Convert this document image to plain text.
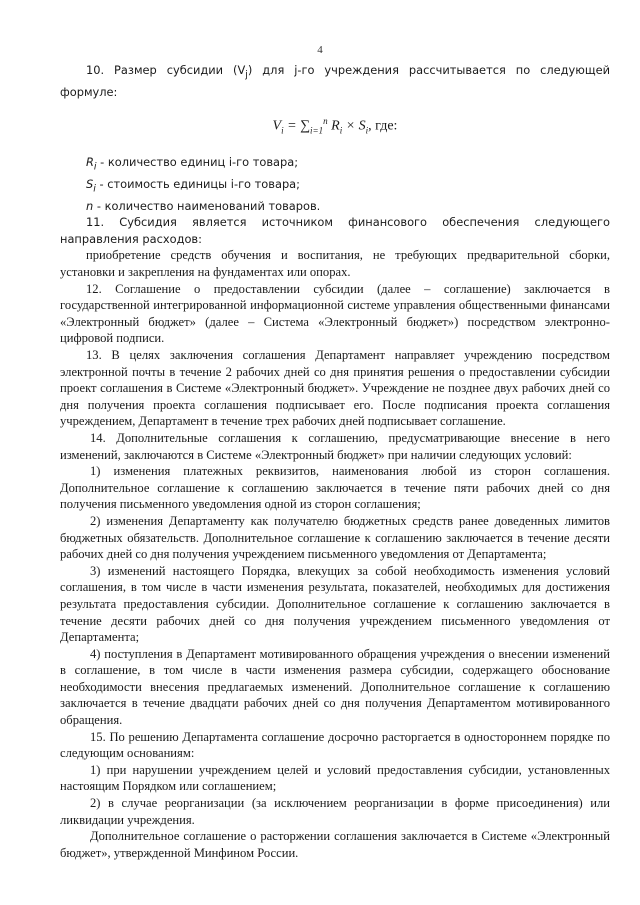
4

10. Размер субсидии $(V_j)$ для j-го учреждения рассчитывается по следующей формуле:

$V_i = \sum_{i=1}^n$ $R_i \times S_i$, где:

$R_i$ - количество единиц i-го товара;

$S_i$ - стоимость единицы i-го товара;

n - количество наименований товаров.

11. Субсидия является источником финансового обеспечения следующего направления расходов:

приобретение средств обучения и воспитания, не требующих предварительной сборки, установки и закрепления на фундаментах или опорах.

12. Соглашение о предоставлении субсидии (далее – соглашение) заключается в государственной интегрированной информационной системе управления общественными финансами «Электронный бюджет» (далее – Система «Электронный бюджет») посредством электронно-цифровой подписи.

13. В целях заключения соглашения Департамент направляет учреждению посредством электронной почты в течение 2 рабочих дней со дня принятия решения о предоставлении субсидии проект соглашения в Системе «Электронный бюджет». Учреждение не позднее двух рабочих дней со дня получения проекта соглашения подписывает его. После подписания проекта соглашения учреждением, Департамент в течение трех рабочих дней подписывает соглашение.

14. Дополнительные соглашения к соглашению, предусматривающие внесение в него изменений, заключаются в Системе «Электронный бюджет» при наличии следующих условий:

1) изменения платежных реквизитов, наименования любой из сторон соглашения. Дополнительное соглашение к соглашению заключается в течение пяти рабочих дней со дня получения письменного уведомления одной из сторон соглашения;

2) изменения Департаменту как получателю бюджетных средств ранее доведенных лимитов бюджетных обязательств. Дополнительное соглашение к соглашению заключается в течение десяти рабочих дней со дня получения учреждением письменного уведомления от Департамента;

3) изменений настоящего Порядка, влекущих за собой необходимость изменения условий соглашения, в том числе в части изменения результата, показателей, необходимых для достижения результата предоставления субсидии. Дополнительное соглашение к соглашению заключается в течение десяти рабочих дней со дня получения учреждением письменного уведомления от Департамента;

4) поступления в Департамент мотивированного обращения учреждения о внесении изменений в соглашение, в том числе в части изменения размера субсидии, содержащего обоснование необходимости внесения предлагаемых изменений. Дополнительное соглашение к соглашению заключается в течение двадцати рабочих дней со дня получения Департаментом мотивированного обращения.

15. По решению Департамента соглашение досрочно расторгается в одностороннем порядке по следующим основаниям:

1) при нарушении учреждением целей и условий предоставления субсидии, установленных настоящим Порядком или соглашением;

2) в случае реорганизации (за исключением реорганизации в форме присоединения) или ликвидации учреждения.

Дополнительное соглашение о расторжении соглашения заключается в Системе «Электронный бюджет», утвержденной Минфином России.
